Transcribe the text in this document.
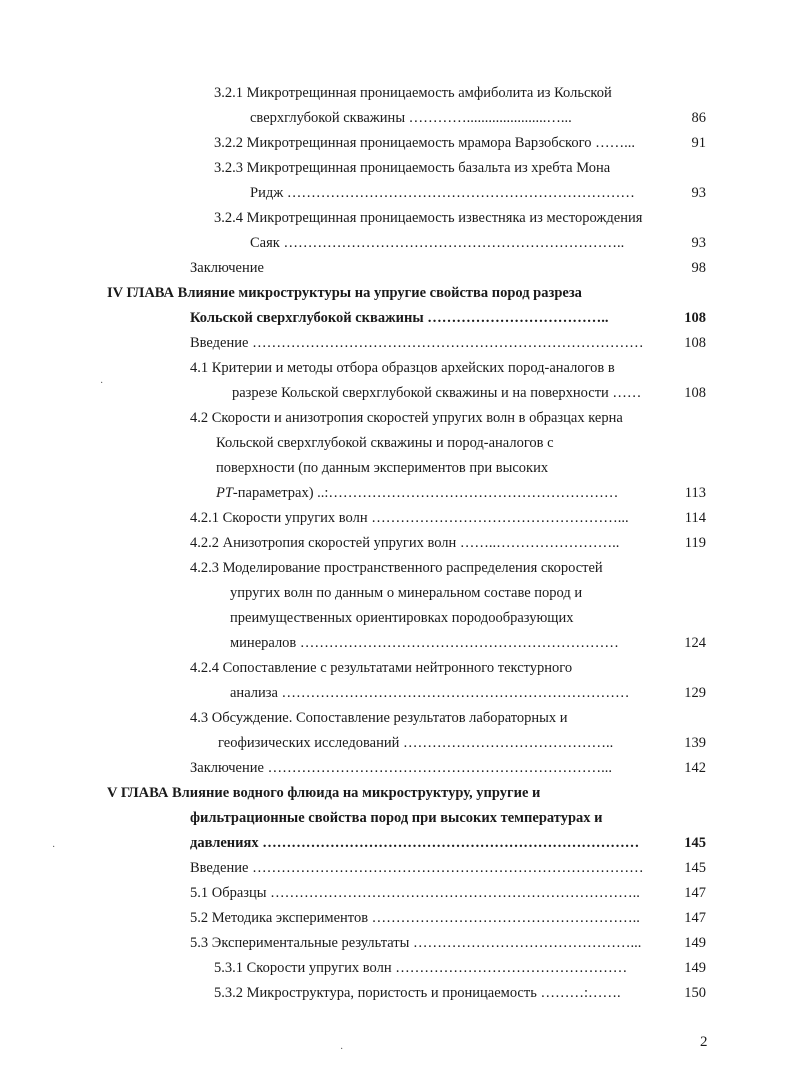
3.2.1 Микротрещинная проницаемость амфиболита из Кольской
сверхглубокой скважины …………......................…...	86
3.2.2 Микротрещинная проницаемость мрамора Варзобского ……...	91
3.2.3 Микротрещинная проницаемость базальта из хребта Мона
Ридж ………………………………………………………………	93
3.2.4 Микротрещинная проницаемость известняка из месторождения
Саяк ……………………………………………………………..	93
Заключение	98
IV ГЛАВА Влияние микроструктуры на упругие свойства пород разреза
Кольской сверхглубокой скважины ………………………………..	108
Введение ………………………………………………………………………	108
4.1 Критерии и методы отбора образцов архейских пород-аналогов в
разрезе Кольской сверхглубокой скважины и на поверхности ……	108
4.2 Скорости и анизотропия скоростей упругих волн в образцах керна
Кольской сверхглубокой скважины и пород-аналогов с
поверхности (по данным экспериментов при высоких
PT-параметрах) ..:……………………………………………………	113
4.2.1 Скорости упругих волн ……………………………………………...	114
4.2.2 Анизотропия скоростей упругих волн ……..……………………..	119
4.2.3 Моделирование пространственного распределения скоростей
упругих волн по данным о минеральном составе пород и
преимущественных ориентировках породообразующих
минералов …………………………………………………………	124
4.2.4 Сопоставление с результатами нейтронного текстурного
анализа ………………………………………………………………	129
4.3 Обсуждение. Сопоставление результатов лабораторных и
геофизических исследований ……………………………………..	139
Заключение ……………………………………………………………...	142
V ГЛАВА Влияние водного флюида на микроструктуру, упругие и
фильтрационные свойства пород при высоких температурах и
давлениях ……………………………………………………………………	145
Введение ………………………………………………………………………	145
5.1 Образцы …………………………………………………………………..	147
5.2 Методика экспериментов ………………………………………………..	147
5.3 Экспериментальные результаты ………………………………………...	149
5.3.1 Скорости упругих волн …………………………………………	149
5.3.2 Микроструктура, пористость и проницаемость ………:…….	150
·
·
·	2
